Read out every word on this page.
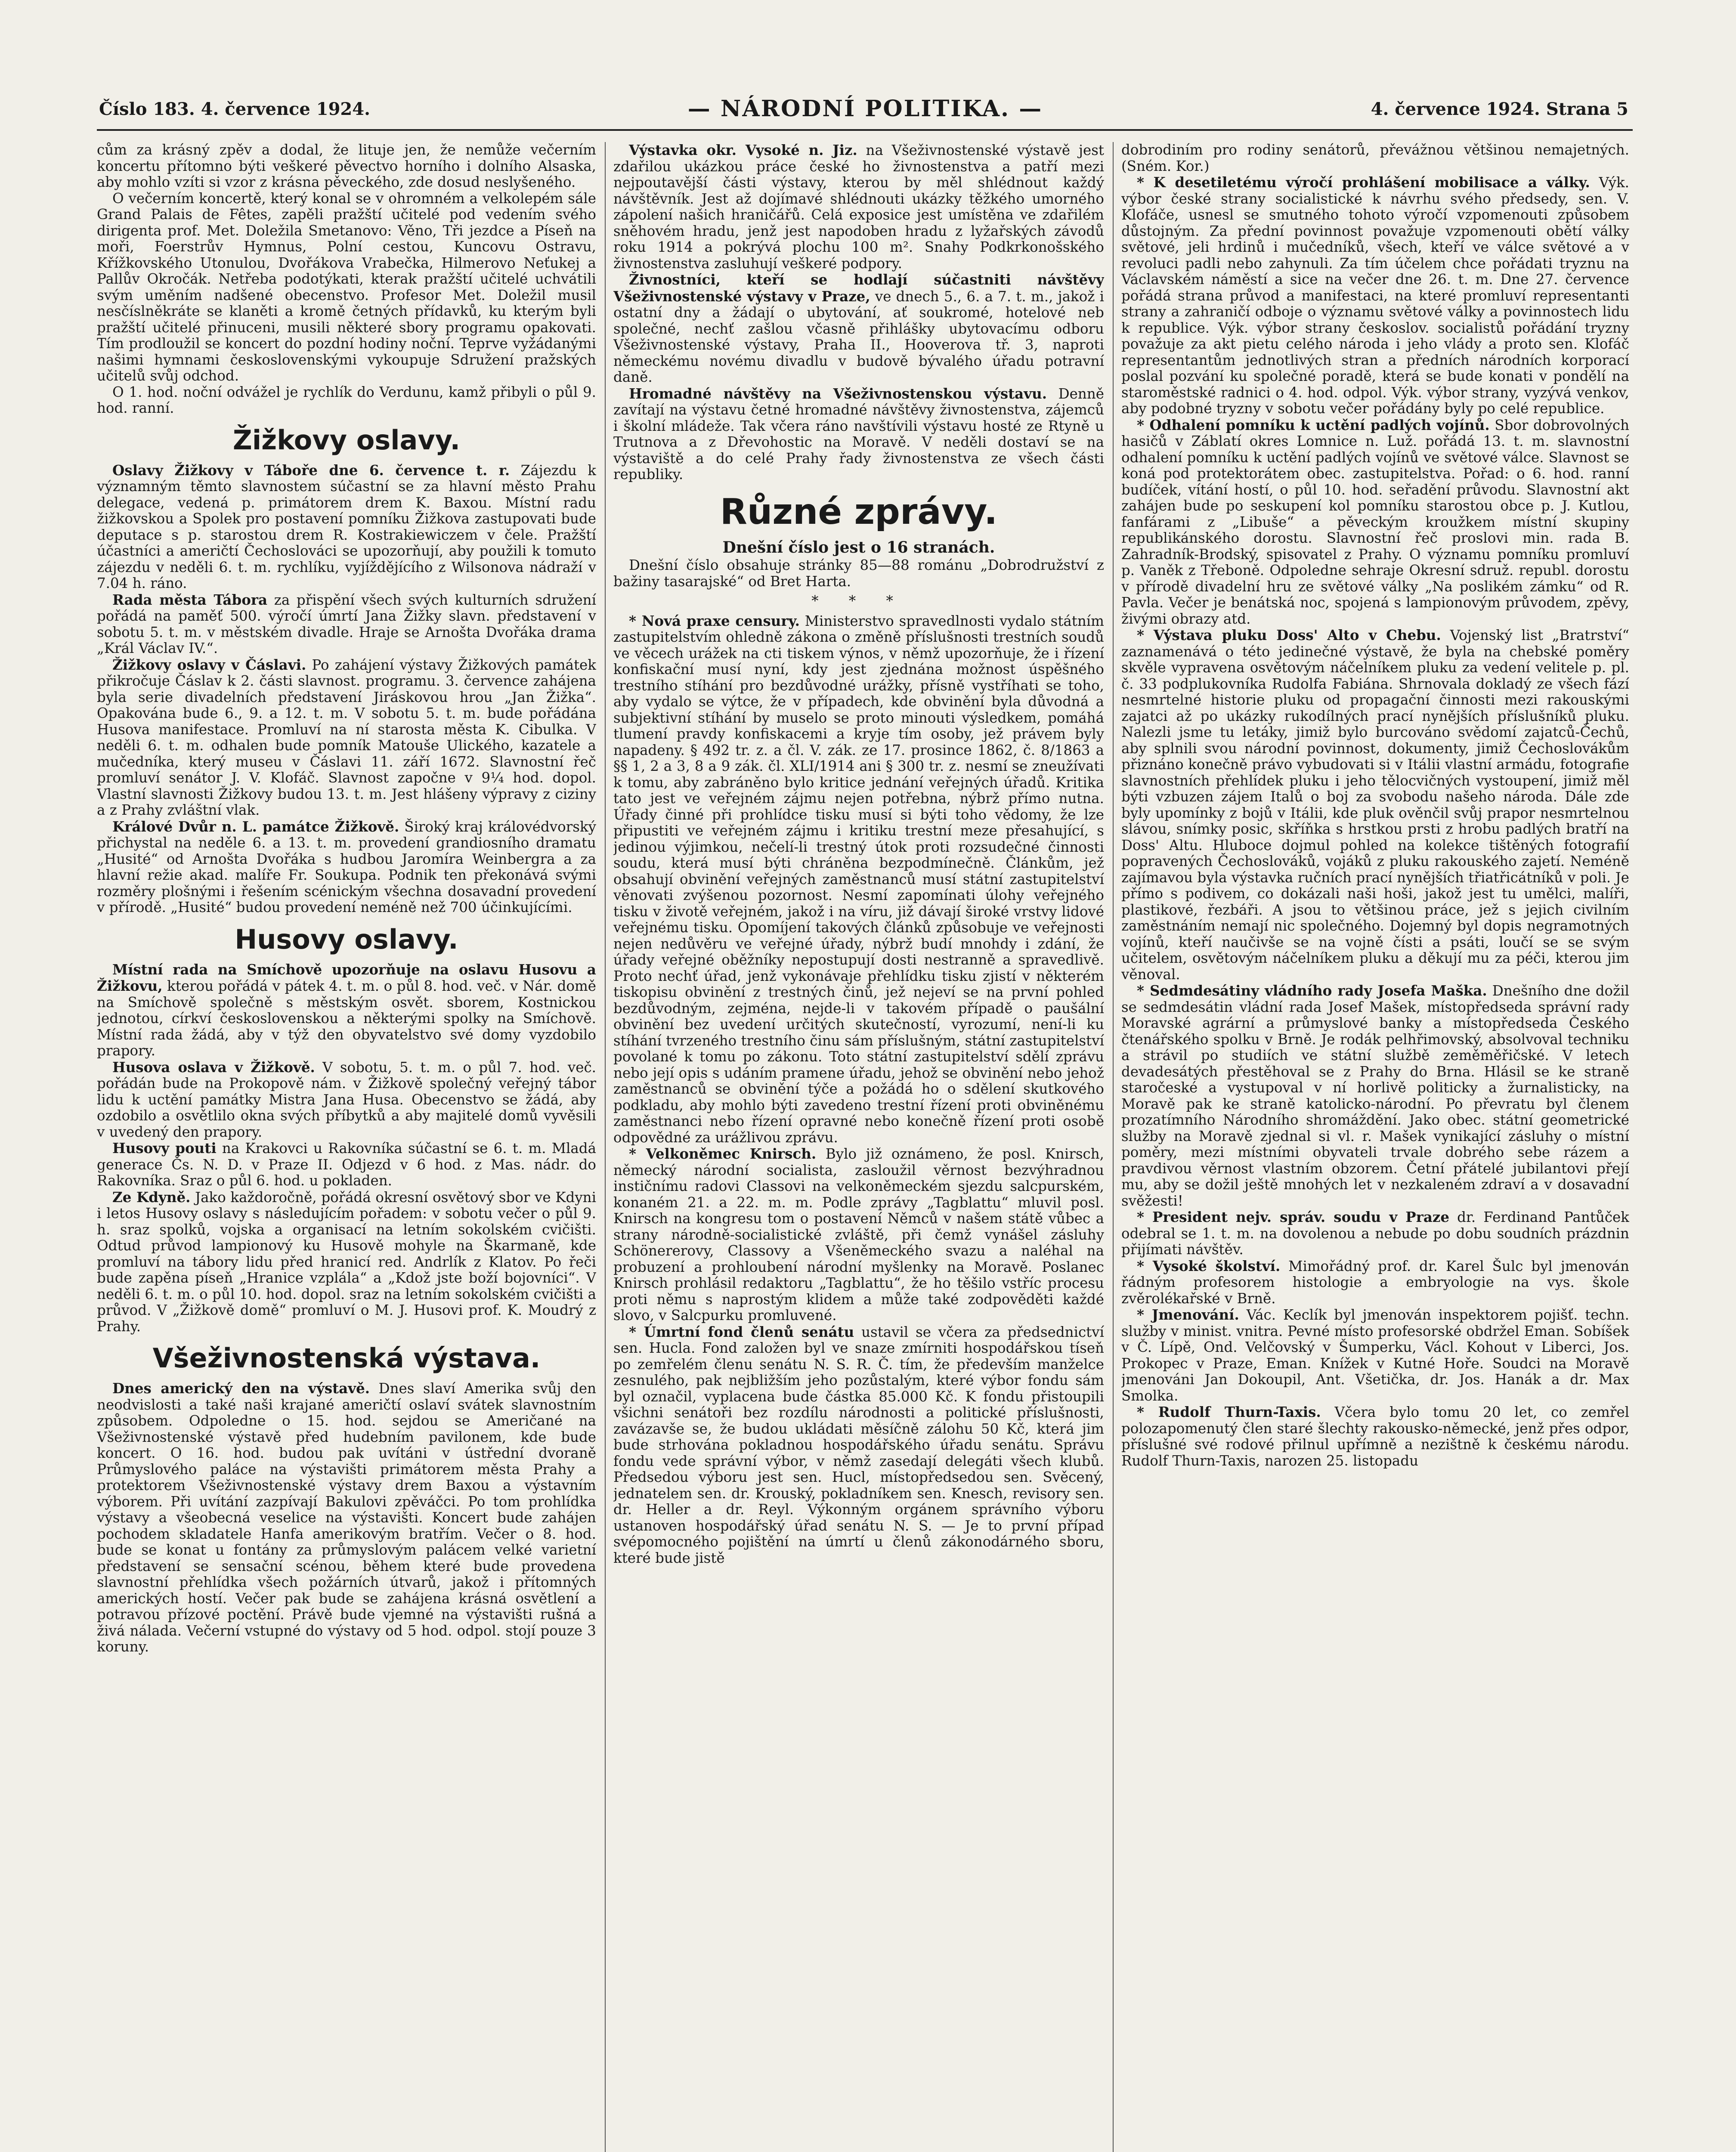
Číslo 183. 4. července 1924.	— NÁRODNÍ POLITIKA. —	4. července 1924. Strana 5

cům za krásný zpěv a dodal, že lituje jen, že nemůže večerním koncertu přítomno býti veškeré pěvectvo horního i dolního Alsaska, aby mohlo vzíti si vzor z krásna pěveckého, zde dosud neslyšeného.

O večerním koncertě, který konal se v ohromném a velkolepém sále Grand Palais de Fêtes, zapěli pražští učitelé pod vedením svého dirigenta prof. Met. Doležila Smetanovo: Věno, Tři jezdce a Píseň na moři, Foerstrův Hymnus, Polní cestou, Kuncovu Ostravu, Křížkovského Utonulou, Dvořákova Vrabečka, Hilmerovo Neťukej a Pallův Okročák. Netřeba podotýkati, kterak pražští učitelé uchvátili svým uměním nadšené obecenstvo. Profesor Met. Doležil musil nesčíslněkráte se klaněti a kromě četných přídavků, ku kterým byli pražští učitelé přinuceni, musili některé sbory programu opakovati. Tím prodloužil se koncert do pozdní hodiny noční. Teprve vyžádanými našimi hymnami československými vykoupuje Sdružení pražských učitelů svůj odchod.

O 1. hod. noční odvážel je rychlík do Verdunu, kamž přibyli o půl 9. hod. ranní.

Žižkovy oslavy.

Oslavy Žižkovy v Táboře dne 6. července t. r. Zájezdu k významným těmto slavnostem súčastní se za hlavní město Prahu delegace, vedená p. primátorem drem K. Baxou. Místní radu žižkovskou a Spolek pro postavení pomníku Žižkova zastupovati bude deputace s p. starostou drem R. Kostrakiewiczem v čele. Pražští účastníci a američtí Čechoslováci se upozorňují, aby použili k tomuto zájezdu v neděli 6. t. m. rychlíku, vyjíždějícího z Wilsonova nádraží v 7.04 h. ráno.

Rada města Tábora za přispění všech svých kulturních sdružení pořádá na paměť 500. výročí úmrtí Jana Žižky slavn. představení v sobotu 5. t. m. v městském divadle. Hraje se Arnošta Dvořáka drama „Král Václav IV.“.

Žižkovy oslavy v Čáslavi. Po zahájení výstavy Žižkových památek přikročuje Čáslav k 2. části slavnost. programu. 3. července zahájena byla serie divadelních představení Jiráskovou hrou „Jan Žižka“. Opakována bude 6., 9. a 12. t. m. V sobotu 5. t. m. bude pořádána Husova manifestace. Promluví na ní starosta města K. Cibulka. V neděli 6. t. m. odhalen bude pomník Matouše Ulického, kazatele a mučedníka, který museu v Čáslavi 11. září 1672. Slavnostní řeč promluví senátor J. V. Klofáč. Slavnost započne v 9¼ hod. dopol. Vlastní slavnosti Žižkovy budou 13. t. m. Jest hlášeny výpravy z ciziny a z Prahy zvláštní vlak.

Králové Dvůr n. L. památce Žižkově. Široký kraj královédvorský přichystal na neděle 6. a 13. t. m. provedení grandiosního dramatu „Husité“ od Arnošta Dvořáka s hudbou Jaromíra Weinbergra a za hlavní režie akad. malíře Fr. Soukupa. Podnik ten překonává svými rozměry plošnými i řešením scénickým všechna dosavadní provedení v přírodě. „Husité“ budou provedení neméně než 700 účinkujícími.

Husovy oslavy.

Místní rada na Smíchově upozorňuje na oslavu Husovu a Žižkovu, kterou pořádá v pátek 4. t. m. o půl 8. hod. več. v Nár. domě na Smíchově společně s městským osvět. sborem, Kostnickou jednotou, církví československou a některými spolky na Smíchově. Místní rada žádá, aby v týž den obyvatelstvo své domy vyzdobilo prapory.

Husova oslava v Žižkově. V sobotu, 5. t. m. o půl 7. hod. več. pořádán bude na Prokopově nám. v Žižkově společný veřejný tábor lidu k uctění památky Mistra Jana Husa. Obecenstvo se žádá, aby ozdobilo a osvětlilo okna svých příbytků a aby majitelé domů vyvěsili v uvedený den prapory.

Husovy pouti na Krakovci u Rakovníka súčastní se 6. t. m. Mladá generace Čs. N. D. v Praze II. Odjezd v 6 hod. z Mas. nádr. do Rakovníka. Sraz o půl 6. hod. u pokladen.

Ze Kdyně. Jako každoročně, pořádá okresní osvětový sbor ve Kdyni i letos Husovy oslavy s následujícím pořadem: v sobotu večer o půl 9. h. sraz spolků, vojska a organisací na letním sokolském cvičišti. Odtud průvod lampionový ku Husově mohyle na Škarmaně, kde promluví na tábory lidu před hranicí red. Andrlík z Klatov. Po řeči bude zapěna píseň „Hranice vzplála“ a „Kdož jste boží bojovníci“. V neděli 6. t. m. o půl 10. hod. dopol. sraz na letním sokolském cvičišti a průvod. V „Žižkově domě“ promluví o M. J. Husovi prof. K. Moudrý z Prahy.

Všeživnostenská výstava.

Dnes americký den na výstavě. Dnes slaví Amerika svůj den neodvislosti a také naši krajané američtí oslaví svátek slavnostním způsobem. Odpoledne o 15. hod. sejdou se Američané na Všeživnostenské výstavě před hudebním pavilonem, kde bude koncert. O 16. hod. budou pak uvítáni v ústřední dvoraně Průmyslového paláce na výstavišti primátorem města Prahy a protektorem Všeživnostenské výstavy drem Baxou a výstavním výborem. Při uvítání zazpívají Bakulovi zpěváčci. Po tom prohlídka výstavy a všeobecná veselice na výstavišti. Koncert bude zahájen pochodem skladatele Hanfa amerikovým bratřím. Večer o 8. hod. bude se konat u fontány za průmyslovým palácem velké varietní představení se sensační scénou, během které bude provedena slavnostní přehlídka všech požárních útvarů, jakož i přítomných amerických hostí. Večer pak bude se zahájena krásná osvětlení a potravou přízové poctění. Právě bude vjemné na výstavišti rušná a živá nálada. Večerní vstupné do výstavy od 5 hod. odpol. stojí pouze 3 koruny.

Výstavka okr. Vysoké n. Jiz. na Všeživnostenské výstavě jest zdařilou ukázkou práce české ho živnostenstva a patří mezi nejpoutavější části výstavy, kterou by měl shlédnout každý návštěvník. Jest až dojímavé shlédnouti ukázky těžkého umorného zápolení našich hraničářů. Celá exposice jest umístěna ve zdařilém sněhovém hradu, jenž jest napodoben hradu z lyžařských závodů roku 1914 a pokrývá plochu 100 m². Snahy Podkrkonošského živnostenstva zasluhují veškeré podpory.

Živnostníci, kteří se hodlají súčastniti návštěvy Všeživnostenské výstavy v Praze, ve dnech 5., 6. a 7. t. m., jakož i ostatní dny a žádají o ubytování, ať soukromé, hotelové neb společné, nechť zašlou včasně přihlášky ubytovacímu odboru Všeživnostenské výstavy, Praha II., Hooverova tř. 3, naproti německému novému divadlu v budově bývalého úřadu potravní daně.

Hromadné návštěvy na Všeživnostenskou výstavu. Denně zavítají na výstavu četné hromadné návštěvy živnostenstva, zájemců i školní mládeže. Tak včera ráno navštívili výstavu hosté ze Rtyně u Trutnova a z Dřevohostic na Moravě. V neděli dostaví se na výstaviště a do celé Prahy řady živnostenstva ze všech části republiky.

Různé zprávy.
Dnešní číslo jest o 16 stranách.

Dnešní číslo obsahuje stránky 85—88 románu „Dobrodružství z bažiny tasarajské“ od Bret Harta.

* * *

* Nová praxe censury. Ministerstvo spravedlnosti vydalo státním zastupitelstvím ohledně zákona o změně příslušnosti trestních soudů ve věcech urážek na cti tiskem výnos, v němž upozorňuje, že i řízení konfiskační musí nyní, kdy jest zjednána možnost úspěšného trestního stíhání pro bezdůvodné urážky, přísně vystříhati se toho, aby vydalo se výtce, že v případech, kde obvinění byla důvodná a subjektivní stíhání by muselo se proto minouti výsledkem, pomáhá tlumení pravdy konfiskacemi a kryje tím osoby, jež právem byly napadeny. § 492 tr. z. a čl. V. zák. ze 17. prosince 1862, č. 8/1863 a §§ 1, 2 a 3, 8 a 9 zák. čl. XLI/1914 ani § 300 tr. z. nesmí se zneužívati k tomu, aby zabráněno bylo kritice jednání veřejných úřadů. Kritika tato jest ve veřejném zájmu nejen potřebna, nýbrž přímo nutna. Úřady činné při prohlídce tisku musí si býti toho vědomy, že lze připustiti ve veřejném zájmu i kritiku trestní meze přesahující, s jedinou výjimkou, nečelí-li trestný útok proti rozsudečné činnosti soudu, která musí býti chráněna bezpodmínečně. Článkům, jež obsahují obvinění veřejných zaměstnanců musí státní zastupitelství věnovati zvýšenou pozornost. Nesmí zapomínati úlohy veřejného tisku v životě veřejném, jakož i na víru, již dávají široké vrstvy lidové veřejnému tisku. Opomíjení takových článků způsobuje ve veřejnosti nejen nedůvěru ve veřejné úřady, nýbrž budí mnohdy i zdání, že úřady veřejné oběžníky nepostupují dosti nestranně a spravedlivě. Proto nechť úřad, jenž vykonávaje přehlídku tisku zjistí v některém tiskopisu obvinění z trestných činů, jež nejeví se na první pohled bezdůvodným, zejména, nejde-li v takovém případě o paušální obvinění bez uvedení určitých skutečností, vyrozumí, není-li ku stíhání tvrzeného trestního činu sám příslušným, státní zastupitelství povolané k tomu po zákonu. Toto státní zastupitelství sdělí zprávu nebo její opis s udáním pramene úřadu, jehož se obvinění nebo jehož zaměstnanců se obvinění týče a požádá ho o sdělení skutkového podkladu, aby mohlo býti zavedeno trestní řízení proti obviněnému zaměstnanci nebo řízení opravné nebo konečně řízení proti osobě odpovědné za urážlivou zprávu.

* Velkoněmec Knirsch. Bylo již oznámeno, že posl. Knirsch, německý národní socialista, zasloužil věrnost bezvýhradnou instičnímu radovi Classovi na velkoněmeckém sjezdu salcpurském, konaném 21. a 22. m. m. Podle zprávy „Tagblattu“ mluvil posl. Knirsch na kongresu tom o postavení Němců v našem státě vůbec a strany národně-socialistické zvláště, při čemž vynášel zásluhy Schönererovy, Classovy a Všeněmeckého svazu a naléhal na probuzení a prohloubení národní myšlenky na Moravě. Poslanec Knirsch prohlásil redaktoru „Tagblattu“, že ho těšilo vstříc procesu proti němu s naprostým klidem a může také zodpověděti každé slovo, v Salcpurku promluvené.

* Úmrtní fond členů senátu ustavil se včera za předsednictví sen. Hucla. Fond založen byl ve snaze zmírniti hospodářskou tíseň po zemřelém členu senátu N. S. R. Č. tím, že především manželce zesnulého, pak nejbližším jeho pozůstalým, které výbor fondu sám byl označil, vyplacena bude částka 85.000 Kč. K fondu přistoupili všichni senátoři bez rozdílu národnosti a politické příslušnosti, zavázavše se, že budou ukládati měsíčně zálohu 50 Kč, která jim bude strhována pokladnou hospodářského úřadu senátu. Správu fondu vede správní výbor, v němž zasedají delegáti všech klubů. Předsedou výboru jest sen. Hucl, místopředsedou sen. Svěcený, jednatelem sen. dr. Krouský, pokladníkem sen. Knesch, revisory sen. dr. Heller a dr. Reyl. Výkonným orgánem správního výboru ustanoven hospodářský úřad senátu N. S. — Je to první případ svépomocného pojištění na úmrtí u členů zákonodárného sboru, které bude jistě

dobrodiním pro rodiny senátorů, převážnou většinou nemajetných. (Sném. Kor.)

* K desetiletému výročí prohlášení mobilisace a války. Výk. výbor české strany socialistické k návrhu svého předsedy, sen. V. Klofáče, usnesl se smutného tohoto výročí vzpomenouti způsobem důstojným. Za přední povinnost považuje vzpomenouti obětí války světové, jeli hrdinů i mučedníků, všech, kteří ve válce světové a v revoluci padli nebo zahynuli. Za tím účelem chce pořádati tryznu na Václavském náměstí a sice na večer dne 26. t. m. Dne 27. července pořádá strana průvod a manifestaci, na které promluví representanti strany a zahraničí odboje o významu světové války a povinnostech lidu k republice. Výk. výbor strany českoslov. socialistů pořádání tryzny považuje za akt pietu celého národa i jeho vlády a proto sen. Klofáč representantům jednotlivých stran a předních národních korporací poslal pozvání ku společné poradě, která se bude konati v pondělí na staroměstské radnici o 4. hod. odpol. Výk. výbor strany, vyzývá venkov, aby podobné tryzny v sobotu večer pořádány byly po celé republice.

* Odhalení pomníku k uctění padlých vojínů. Sbor dobrovolných hasičů v Záblatí okres Lomnice n. Luž. pořádá 13. t. m. slavnostní odhalení pomníku k uctění padlých vojínů ve světové válce. Slavnost se koná pod protektorátem obec. zastupitelstva. Pořad: o 6. hod. ranní budíček, vítání hostí, o půl 10. hod. seřadění průvodu. Slavnostní akt zahájen bude po seskupení kol pomníku starostou obce p. J. Kutlou, fanfárami z „Libuše“ a pěveckým kroužkem místní skupiny republikánského dorostu. Slavnostní řeč proslovi min. rada B. Zahradník-Brodský, spisovatel z Prahy. O významu pomníku promluví p. Vaněk z Třeboně. Odpoledne sehraje Okresní sdruž. republ. dorostu v přírodě divadelní hru ze světové války „Na poslikém zámku“ od R. Pavla. Večer je benátská noc, spojená s lampionovým průvodem, zpěvy, živými obrazy atd.

* Výstava pluku Doss' Alto v Chebu. Vojenský list „Bratrství“ zaznamenává o této jedinečné výstavě, že byla na chebské poměry skvěle vypravena osvětovým náčelníkem pluku za vedení velitele p. pl. č. 33 podplukovníka Rudolfa Fabiána. Shrnovala dokladý ze všech fází nesmrtelné historie pluku od propagační činnosti mezi rakouskými zajatci až po ukázky rukodílných prací nynějších příslušníků pluku. Nalezli jsme tu letáky, jimiž bylo burcováno svědomí zajatců-Čechů, aby splnili svou národní povinnost, dokumenty, jimiž Čechoslovákům přiznáno konečně právo vybudovati si v Itálii vlastní armádu, fotografie slavnostních přehlídek pluku i jeho tělocvičných vystoupení, jimiž měl býti vzbuzen zájem Italů o boj za svobodu našeho národa. Dále zde byly upomínky z bojů v Itálii, kde pluk ověnčil svůj prapor nesmrtelnou slávou, snímky posic, skříňka s hrstkou prsti z hrobu padlých bratří na Doss' Altu. Hluboce dojmul pohled na kolekce tištěných fotografií popravených Čechoslováků, vojáků z pluku rakouského zajetí. Neméně zajímavou byla výstavka ručních prací nynějších třiatřicátníků v poli. Je přímo s podivem, co dokázali naši hoši, jakož jest tu umělci, malíři, plastikové, řezbáři. A jsou to většinou práce, jež s jejich civilním zaměstnáním nemají nic společného. Dojemný byl dopis negramotných vojínů, kteří naučivše se na vojně čísti a psáti, loučí se se svým učitelem, osvětovým náčelníkem pluku a děkují mu za péči, kterou jim věnoval.

* Sedmdesátiny vládního rady Josefa Maška. Dnešního dne dožil se sedmdesátin vládní rada Josef Mašek, místopředseda správní rady Moravské agrární a průmyslové banky a místopředseda Českého čtenářského spolku v Brně. Je rodák pelhřimovský, absolvoval techniku a strávil po studiích ve státní službě zeměměřičské. V letech devadesátých přestěhoval se z Prahy do Brna. Hlásil se ke straně staročeské a vystupoval v ní horlivě politicky a žurnalisticky, na Moravě pak ke straně katolicko-národní. Po převratu byl členem prozatímního Národního shromáždění. Jako obec. státní geometrické služby na Moravě zjednal si vl. r. Mašek vynikající zásluhy o místní poměry, mezi místními obyvateli trvale dobrého sebe rázem a pravdivou věrnost vlastním obzorem. Četní přátelé jubilantovi přejí mu, aby se dožil ještě mnohých let v nezkaleném zdraví a v dosavadní svěžesti!

* President nejv. správ. soudu v Praze dr. Ferdinand Pantůček odebral se 1. t. m. na dovolenou a nebude po dobu soudních prázdnin přijímati návštěv.

* Vysoké školství. Mimořádný prof. dr. Karel Šulc byl jmenován řádným profesorem histologie a embryologie na vys. škole zvěrolékařské v Brně.

* Jmenování. Vác. Keclík byl jmenován inspektorem pojišť. techn. služby v minist. vnitra. Pevné místo profesorské obdržel Eman. Sobíšek v Č. Lípě, Ond. Velčovský v Šumperku, Václ. Kohout v Liberci, Jos. Prokopec v Praze, Eman. Knížek v Kutné Hoře. Soudci na Moravě jmenováni Jan Dokoupil, Ant. Všetička, dr. Jos. Hanák a dr. Max Smolka.

* Rudolf Thurn-Taxis. Včera bylo tomu 20 let, co zemřel polozapomenutý člen staré šlechty rakousko-německé, jenž přes odpor, příslušné své rodové přilnul upřímně a nezištně k českému národu. Rudolf Thurn-Taxis, narozen 25. listopadu
